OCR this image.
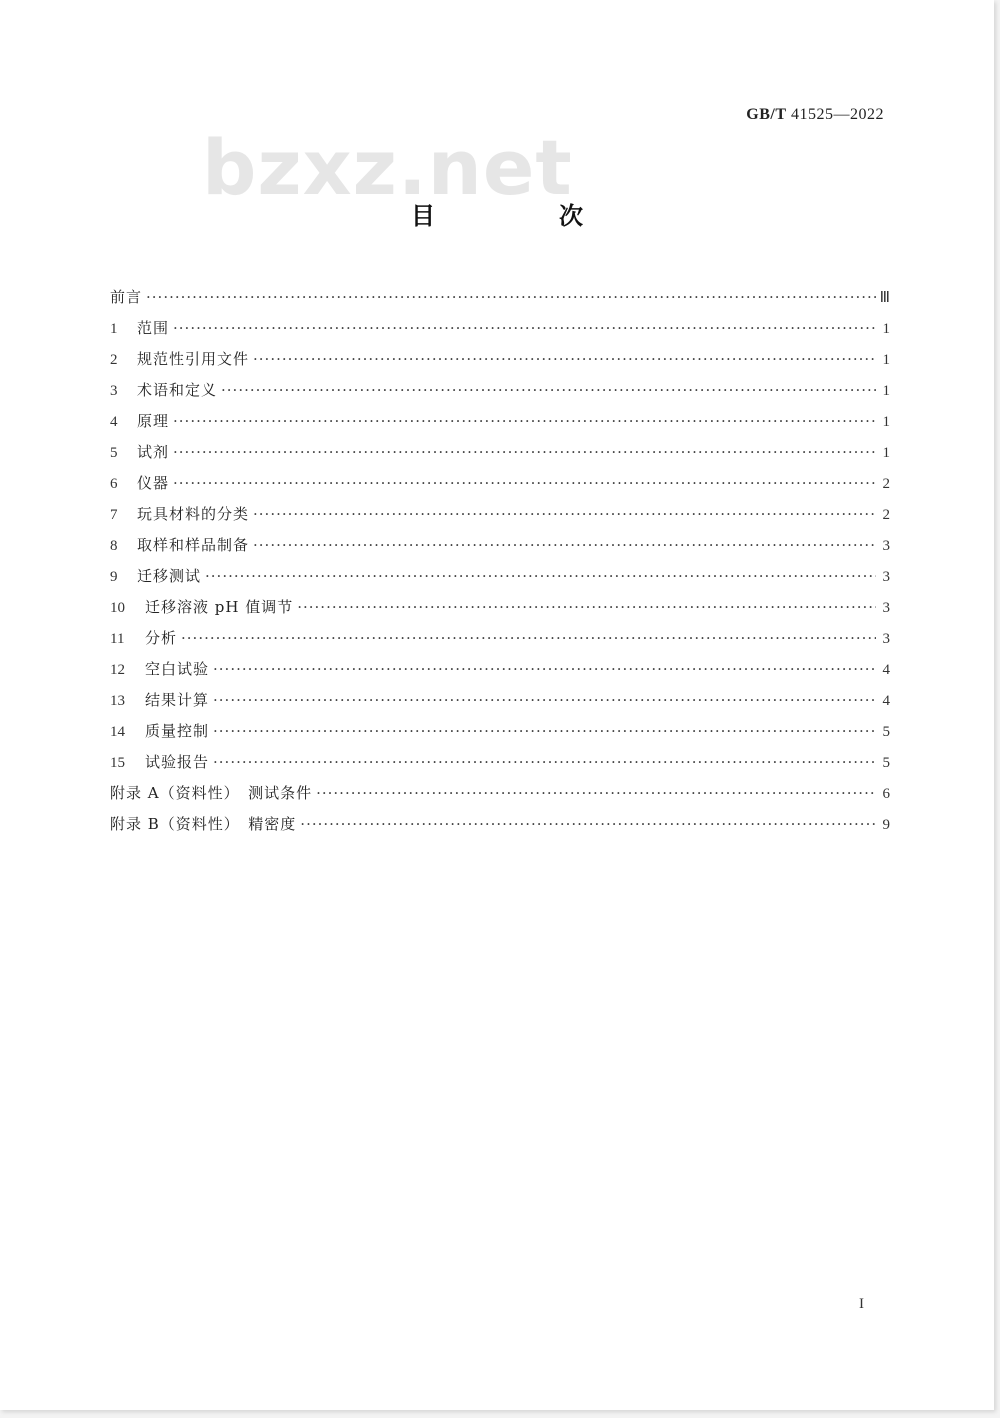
GB/T 41525—2022
bzxz.net
目　次
前言 ·····	Ⅲ
1	范围 ·····	1
2	规范性引用文件 ·····	1
3	术语和定义 ·····	1
4	原理 ·····	1
5	试剂 ·····	1
6	仪器 ·····	2
7	玩具材料的分类 ·····	2
8	取样和样品制备 ·····	3
9	迁移测试 ·····	3
10	迁移溶液 pH 值调节 ·····	3
11	分析 ·····	3
12	空白试验 ·····	4
13	结果计算 ·····	4
14	质量控制 ·····	5
15	试验报告 ·····	5
附录 A（资料性）　测试条件 ·····	6
附录 B（资料性）　精密度 ·····	9
I
